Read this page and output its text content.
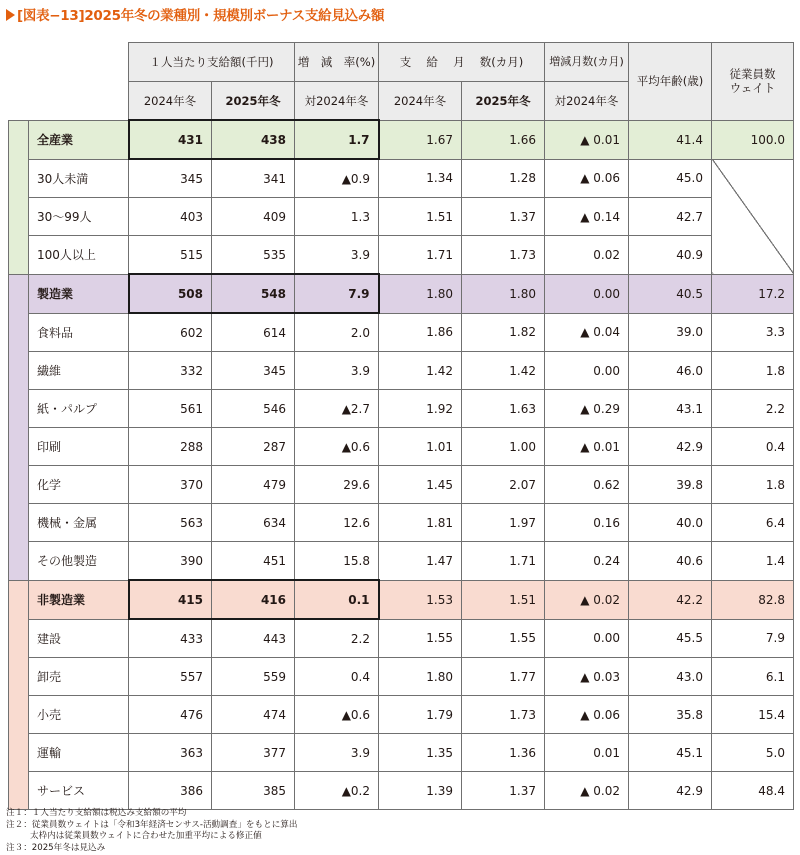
[図表−13]2025年冬の業種別・規模別ボーナス支給見込み額
		１人当たり支給額(千円)		増　減　率(%)	支　 給 　月 　数(カ月)		増減月数(カ月)	平均年齢(歳)	従業員数ウェイト
		2024年冬	2025年冬	対2024年冬	2024年冬	2025年冬	対2024年冬		
	全産業	431	438	1.7	1.67	1.66	▲ 0.01	41.4	100.0
	30人未満	345	341	▲0.9	1.34	1.28	▲ 0.06	45.0	
	30〜99人	403	409	1.3	1.51	1.37	▲ 0.14	42.7	
	100人以上	515	535	3.9	1.71	1.73	0.02	40.9	
	製造業	508	548	7.9	1.80	1.80	0.00	40.5	17.2
	食料品	602	614	2.0	1.86	1.82	▲ 0.04	39.0	3.3
	繊維	332	345	3.9	1.42	1.42	0.00	46.0	1.8
	紙・パルプ	561	546	▲2.7	1.92	1.63	▲ 0.29	43.1	2.2
	印刷	288	287	▲0.6	1.01	1.00	▲ 0.01	42.9	0.4
	化学	370	479	29.6	1.45	2.07	0.62	39.8	1.8
	機械・金属	563	634	12.6	1.81	1.97	0.16	40.0	6.4
	その他製造	390	451	15.8	1.47	1.71	0.24	40.6	1.4
	非製造業	415	416	0.1	1.53	1.51	▲ 0.02	42.2	82.8
	建設	433	443	2.2	1.55	1.55	0.00	45.5	7.9
	卸売	557	559	0.4	1.80	1.77	▲ 0.03	43.0	6.1
	小売	476	474	▲0.6	1.79	1.73	▲ 0.06	35.8	15.4
	運輸	363	377	3.9	1.35	1.36	0.01	45.1	5.0
	サービス	386	385	▲0.2	1.39	1.37	▲ 0.02	42.9	48.4
注１：１人当たり支給額は税込み支給額の平均
注２：従業員数ウェイトは「令和3年経済センサス-活動調査」をもとに算出
太枠内は従業員数ウェイトに合わせた加重平均による修正値
注３：2025年冬は見込み
